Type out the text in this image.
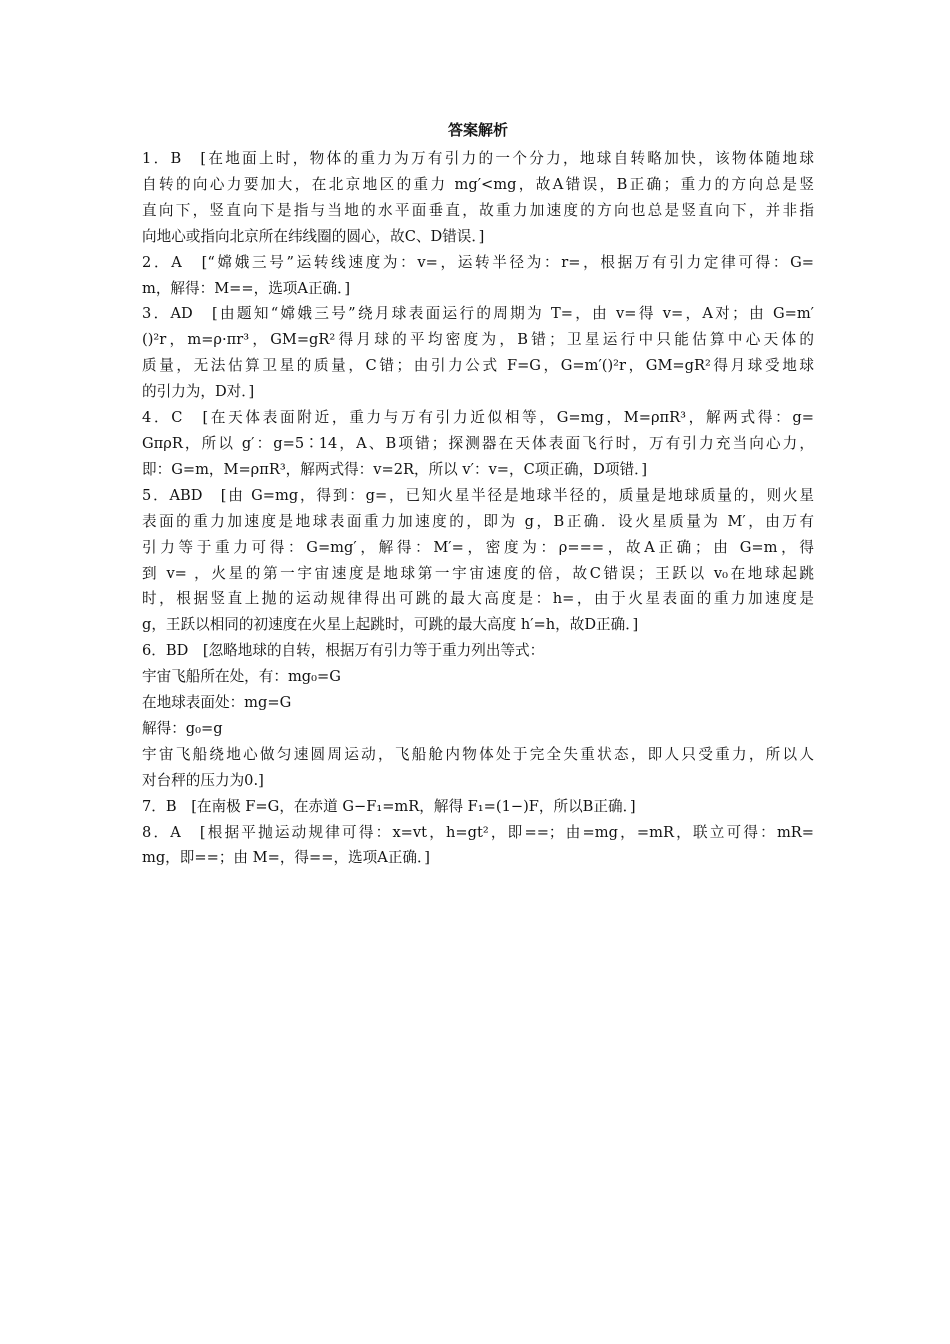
答案解析
1．B　[在地面上时，物体的重力为万有引力的一个分力，地球自转略加快，该物体随地球
自转的向心力要加大，在北京地区的重力 mg′<mg，故A错误，B正确；重力的方向总是竖
直向下，竖直向下是指与当地的水平面垂直，故重力加速度的方向也总是竖直向下，并非指
向地心或指向北京所在纬线圈的圆心，故C、D错误．]
2．A　[“嫦娥三号”运转线速度为：v=，运转半径为：r=，根据万有引力定律可得：G=
m，解得：M==，选项A正确．]
3．AD　[由题知“嫦娥三号”绕月球表面运行的周期为 T=，由 v=得 v=，A对；由 G=m′
()²r，m=ρ·πr³，GM=gR²得月球的平均密度为，B错；卫星运行中只能估算中心天体的
质量，无法估算卫星的质量，C错；由引力公式 F=G，G=m′()²r，GM=gR²得月球受地球
的引力为，D对．]
4．C　[在天体表面附近，重力与万有引力近似相等，G=mg，M=ρπR³，解两式得：g=
GπρR，所以 g′：g=5∶14，A、B项错；探测器在天体表面飞行时，万有引力充当向心力，
即：G=m，M=ρπR³，解两式得：v=2R，所以 v′：v=，C项正确，D项错．]
5．ABD　[由 G=mg，得到：g=，已知火星半径是地球半径的，质量是地球质量的，则火星
表面的重力加速度是地球表面重力加速度的，即为 g，B正确．设火星质量为 M′，由万有
引力等于重力可得：G=mg′，解得：M′=，密度为：ρ===，故A正确；由 G=m，得
到 v= ，火星的第一宇宙速度是地球第一宇宙速度的倍，故C错误；王跃以 v₀在地球起跳
时，根据竖直上抛的运动规律得出可跳的最大高度是：h=，由于火星表面的重力加速度是
g，王跃以相同的初速度在火星上起跳时，可跳的最大高度 h′=h，故D正确．]
6．BD　[忽略地球的自转，根据万有引力等于重力列出等式：
宇宙飞船所在处，有：mg₀=G
在地球表面处：mg=G
解得：g₀=g
宇宙飞船绕地心做匀速圆周运动，飞船舱内物体处于完全失重状态，即人只受重力，所以人
对台秤的压力为0.]
7．B　[在南极 F=G，在赤道 G−F₁=mR，解得 F₁=(1−)F，所以B正确．]
8．A　[根据平抛运动规律可得：x=vt，h=gt²，即==；由=mg，=mR，联立可得：mR=
mg，即==；由 M=，得==，选项A正确．]
